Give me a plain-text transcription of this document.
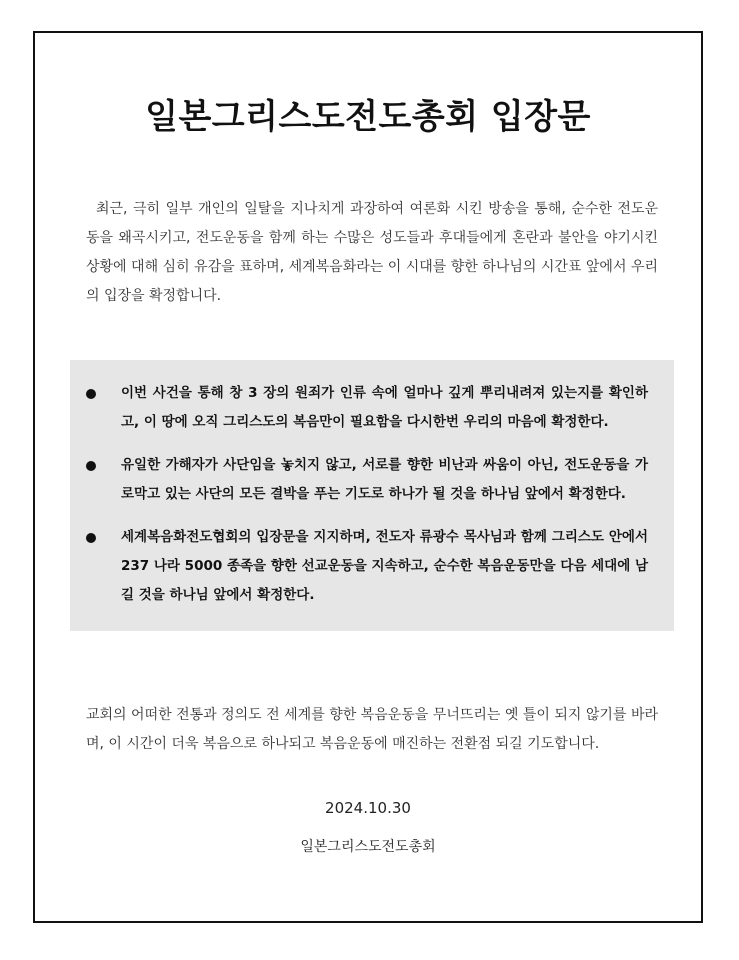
일본그리스도전도총회 입장문

최근, 극히 일부 개인의 일탈을 지나치게 과장하여 여론화 시킨 방송을 통해, 순수한 전도운동을 왜곡시키고, 전도운동을 함께 하는 수많은 성도들과 후대들에게 혼란과 불안을 야기시킨 상황에 대해 심히 유감을 표하며, 세계복음화라는 이 시대를 향한 하나님의 시간표 앞에서 우리의 입장을 확정합니다.

이번 사건을 통해 창 3 장의 원죄가 인류 속에 얼마나 깊게 뿌리내려져 있는지를 확인하고, 이 땅에 오직 그리스도의 복음만이 필요함을 다시한번 우리의 마음에 확정한다.
유일한 가해자가 사단임을 놓치지 않고, 서로를 향한 비난과 싸움이 아닌, 전도운동을 가로막고 있는 사단의 모든 결박을 푸는 기도로 하나가 될 것을 하나님 앞에서 확정한다.
세계복음화전도협회의 입장문을 지지하며, 전도자 류광수 목사님과 함께 그리스도 안에서 237 나라 5000 종족을 향한 선교운동을 지속하고, 순수한 복음운동만을 다음 세대에 남길 것을 하나님 앞에서 확정한다.

교회의 어떠한 전통과 정의도 전 세계를 향한 복음운동을 무너뜨리는 옛 틀이 되지 않기를 바라며, 이 시간이 더욱 복음으로 하나되고 복음운동에 매진하는 전환점 되길 기도합니다.

2024.10.30

일본그리스도전도총회
